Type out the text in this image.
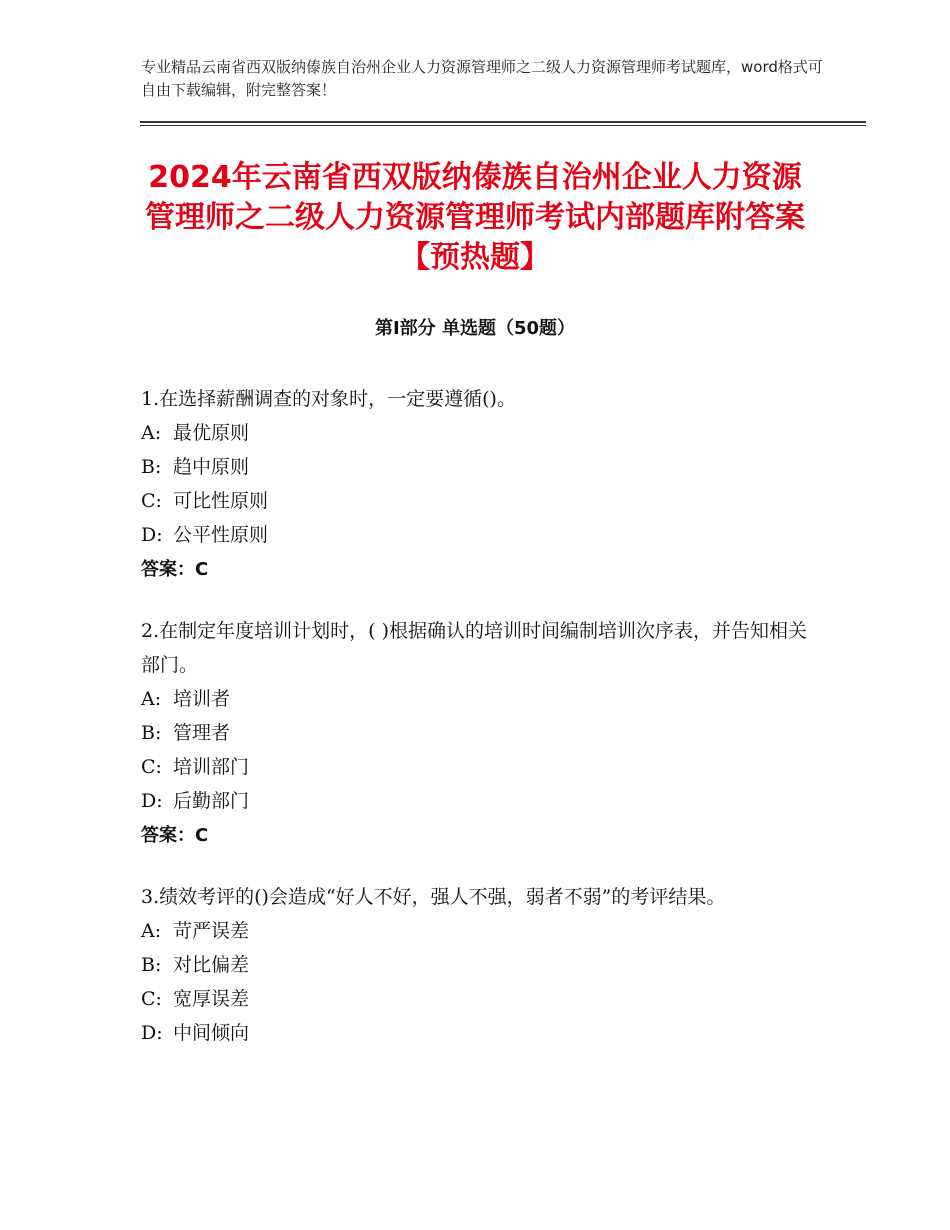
专业精品云南省西双版纳傣族自治州企业人力资源管理师之二级人力资源管理师考试题库，word格式可自由下载编辑，附完整答案！
2024年云南省西双版纳傣族自治州企业人力资源管理师之二级人力资源管理师考试内部题库附答案【预热题】
第Ⅰ部分 单选题（50题）
1.在选择薪酬调查的对象时，一定要遵循()。
A: 最优原则
B: 趋中原则
C: 可比性原则
D: 公平性原则
答案：C
2.在制定年度培训计划时，( )根据确认的培训时间编制培训次序表，并告知相关部门。
A: 培训者
B: 管理者
C: 培训部门
D: 后勤部门
答案：C
3.绩效考评的()会造成“好人不好，强人不强，弱者不弱”的考评结果。
A: 苛严误差
B: 对比偏差
C: 宽厚误差
D: 中间倾向
